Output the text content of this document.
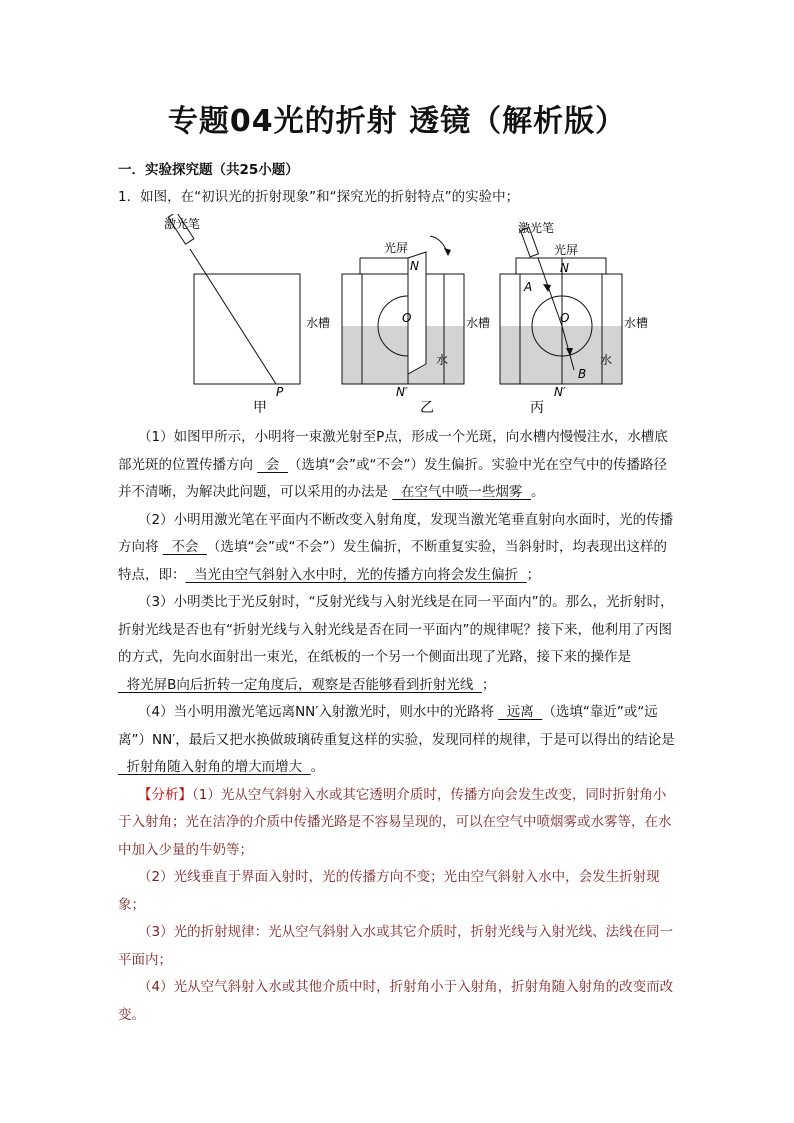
专题04光的折射 透镜（解析版）
一．实验探究题（共25小题）
1．如图，在“初识光的折射现象”和“探究光的折射特点”的实验中；
激光笔
P
甲
水槽
光屏
N
O
水
N′
乙
水槽
激光笔
光屏
N
A
O
B
水
N′
丙
水槽

（1）如图甲所示，小明将一束激光射至P点，形成一个光斑，向水槽内慢慢注水，水槽底部光斑的位置传播方向   会  （选填“会”或“不会”）发生偏折。实验中光在空气中的传播路径并不清晰，为解决此问题，可以采用的办法是   在空气中喷一些烟雾  。

（2）小明用激光笔在平面内不断改变入射角度，发现当激光笔垂直射向水面时，光的传播方向将   不会  （选填“会”或“不会”）发生偏折，不断重复实验，当斜射时，均表现出这样的特点，即：  当光由空气斜射入水中时，光的传播方向将会发生偏折  ；

（3）小明类比于光反射时，“反射光线与入射光线是在同一平面内”的。那么，光折射时，折射光线是否也有“折射光线与入射光线是否在同一平面内”的规律呢？接下来，他利用了丙图的方式，先向水面射出一束光，在纸板的一个另一个侧面出现了光路，接下来的操作是   将光屏B向后折转一定角度后，观察是否能够看到折射光线  ；

（4）当小明用激光笔远离NN′入射激光时，则水中的光路将   远离  （选填“靠近”或“远离”）NN′，最后又把水换做玻璃砖重复这样的实验，发现同样的规律，于是可以得出的结论是   折射角随入射角的增大而增大  。

【分析】（1）光从空气斜射入水或其它透明介质时，传播方向会发生改变，同时折射角小于入射角；光在洁净的介质中传播光路是不容易呈现的，可以在空气中喷烟雾或水雾等，在水中加入少量的牛奶等；

（2）光线垂直于界面入射时，光的传播方向不变；光由空气斜射入水中，会发生折射现象；

（3）光的折射规律：光从空气斜射入水或其它介质时，折射光线与入射光线、法线在同一平面内；

（4）光从空气斜射入水或其他介质中时，折射角小于入射角，折射角随入射角的改变而改变。
